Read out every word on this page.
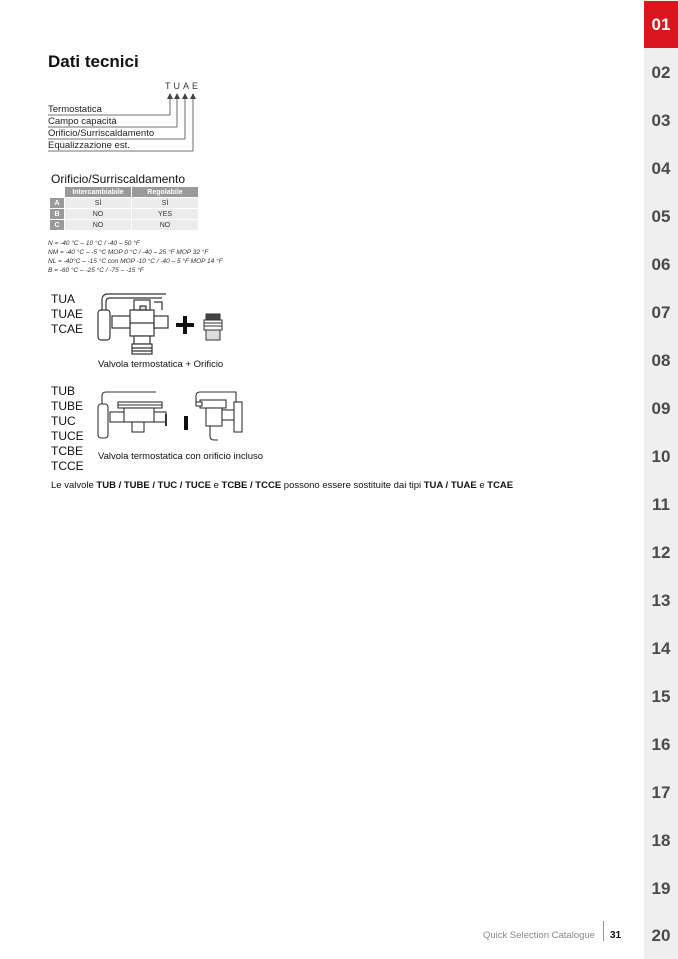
Dati tecnici
TUAE
Termostatica
Campo capacità
Orificio/Surriscaldamento
Equalizzazione est.
Orificio/Surriscaldamento
	Intercambiabile	Regolabile
A	SÌ	SÌ
B	NO	YES
C	NO	NO
N = -40 °C – 10 °C / -40 – 50 °F
NM = -40 °C – -5 °C MOP 0 °C / -40 – 25 °F MOP 32 °F
NL = -40°C – -15 °C con MOP -10 °C / -40 – 5 °F MOP 14 °F
B = -60 °C – -25 °C / -75 – -15 °F
TUA
TUAE
TCAE
Valvola termostatica + Orificio
TUB
TUBE
TUC
TUCE
TCBE
TCCE
Valvola termostatica con orificio incluso
Le valvole TUB / TUBE / TUC / TUCE e TCBE / TCCE possono essere sostituite dai tipi TUA / TUAE e TCAE
Quick Selection Catalogue 31
01
02
03
04
05
06
07
08
09
10
11
12
13
14
15
16
17
18
19
20
